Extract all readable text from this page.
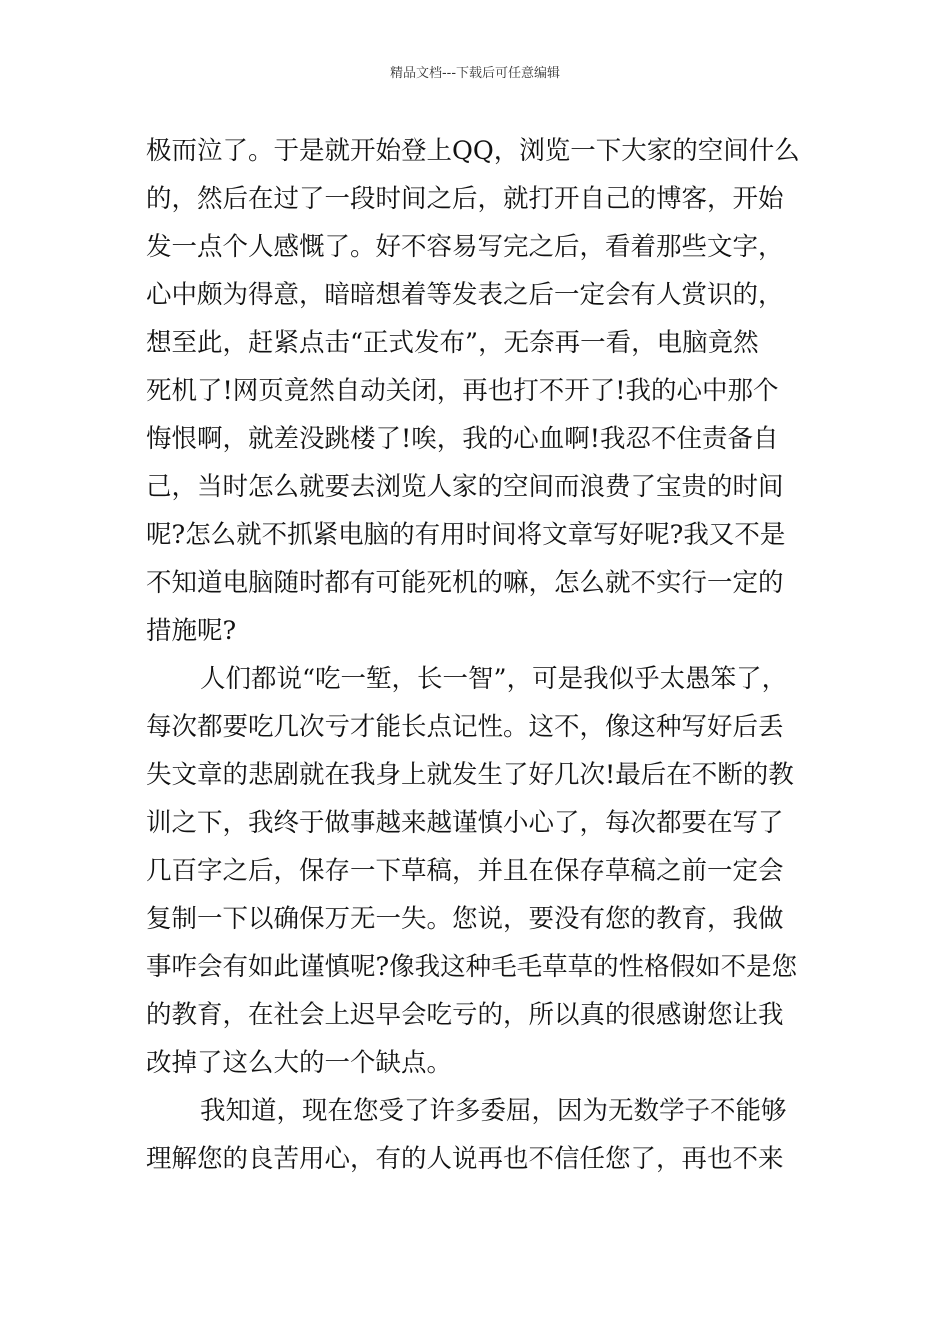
精品文档---下载后可任意编辑
极而泣了。于是就开始登上QQ，浏览一下大家的空间什么
的，然后在过了一段时间之后，就打开自己的博客，开始
发一点个人感慨了。好不容易写完之后，看着那些文字，
心中颇为得意，暗暗想着等发表之后一定会有人赏识的，
想至此，赶紧点击“正式发布”，无奈再一看，电脑竟然
死机了!网页竟然自动关闭，再也打不开了!我的心中那个
悔恨啊，就差没跳楼了!唉，我的心血啊!我忍不住责备自
己，当时怎么就要去浏览人家的空间而浪费了宝贵的时间
呢?怎么就不抓紧电脑的有用时间将文章写好呢?我又不是
不知道电脑随时都有可能死机的嘛，怎么就不实行一定的
措施呢?
人们都说“吃一堑，长一智”，可是我似乎太愚笨了，
每次都要吃几次亏才能长点记性。这不，像这种写好后丢
失文章的悲剧就在我身上就发生了好几次!最后在不断的教
训之下，我终于做事越来越谨慎小心了，每次都要在写了
几百字之后，保存一下草稿，并且在保存草稿之前一定会
复制一下以确保万无一失。您说，要没有您的教育，我做
事咋会有如此谨慎呢?像我这种毛毛草草的性格假如不是您
的教育，在社会上迟早会吃亏的，所以真的很感谢您让我
改掉了这么大的一个缺点。
我知道，现在您受了许多委屈，因为无数学子不能够
理解您的良苦用心，有的人说再也不信任您了，再也不来
